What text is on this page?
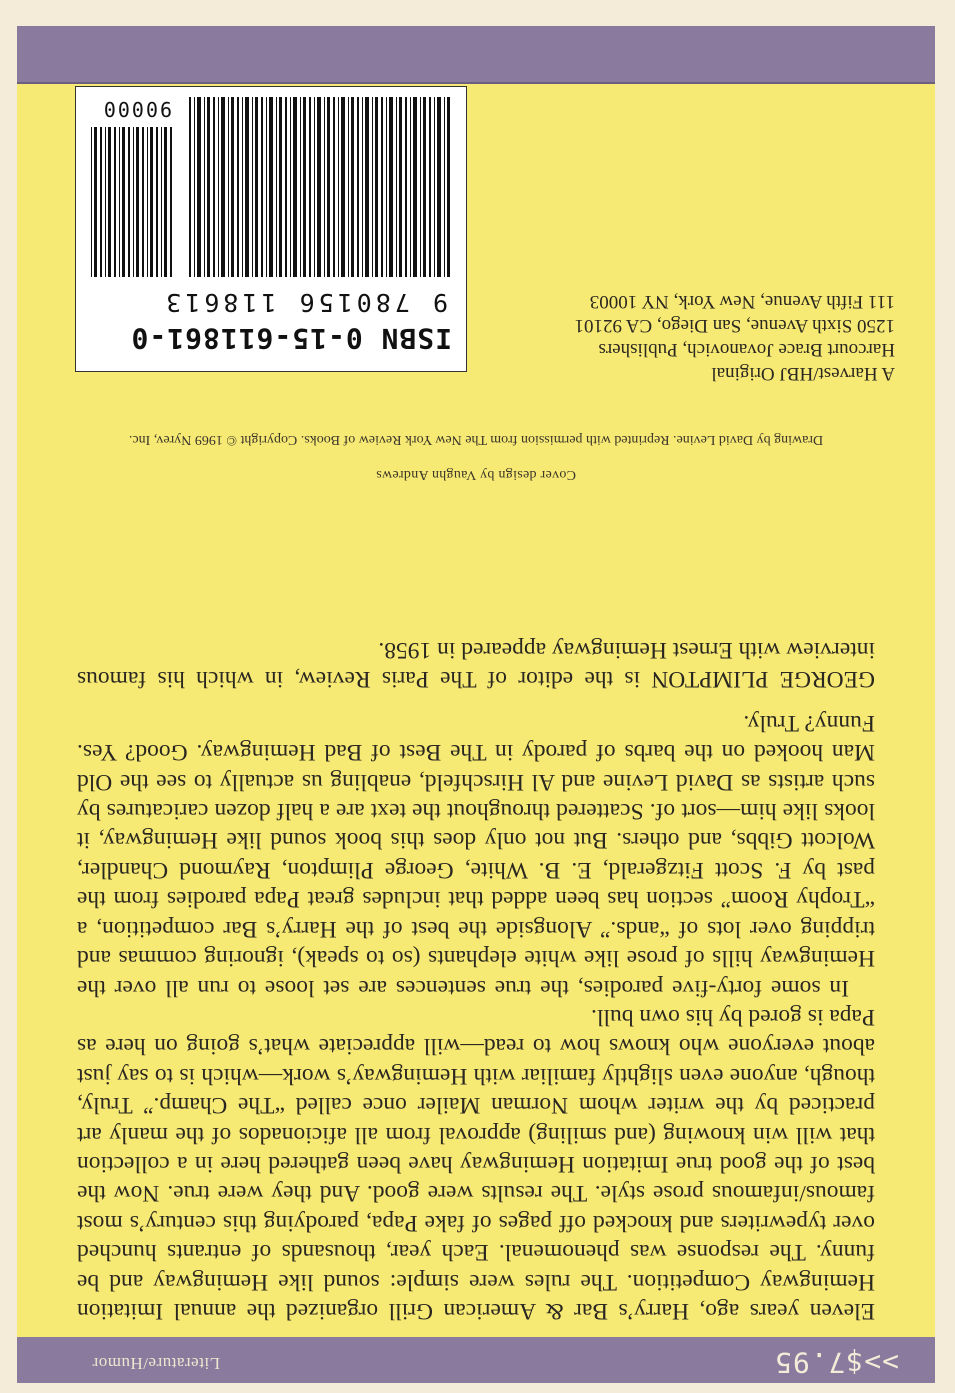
>>$7.95
Literature/Humor

Eleven years ago, Harry’s Bar & American Grill organized the annual Imitation Hemingway Competition. The rules were simple: sound like Hemingway and be funny. The response was phenomenal. Each year, thousands of entrants hunched over typewriters and knocked off pages of fake Papa, parodying this century’s most famous/infamous prose style. The results were good. And they were true. Now the best of the good true Imitation Hemingway have been gathered here in a collection that will win knowing (and smiling) approval from all aficionados of the manly art practiced by the writer whom Norman Mailer once called “The Champ.” Truly, though, anyone even slightly familiar with Hemingway’s work—which is to say just about everyone who knows how to read—will appreciate what’s going on here as Papa is gored by his own bull.

In some forty-five parodies, the true sentences are set loose to run all over the Hemingway hills of prose like white elephants (so to speak), ignoring commas and tripping over lots of “ands.” Alongside the best of the Harry’s Bar competition, a “Trophy Room” section has been added that includes great Papa parodies from the past by F. Scott Fitzgerald, E. B. White, George Plimpton, Raymond Chandler, Wolcott Gibbs, and others. But not only does this book sound like Hemingway, it looks like him—sort of. Scattered throughout the text are a half dozen caricatures by such artists as David Levine and Al Hirschfeld, enabling us actually to see the Old Man hooked on the barbs of parody in The Best of Bad Hemingway. Good? Yes. Funny? Truly.

GEORGE PLIMPTON is the editor of The Paris Review, in which his famous interview with Ernest Hemingway appeared in 1958.

Cover design by Vaughn Andrews
Drawing by David Levine. Reprinted with permission from The New York Review of Books. Copyright © 1969 Nyrev, Inc.
A Harvest/HBJ Original
Harcourt Brace Jovanovich, Publishers
1250 Sixth Avenue, San Diego, CA 92101
111 Fifth Avenue, New York, NY 10003
ISBN 0-15-611861-0
9 780156 118613
90000
